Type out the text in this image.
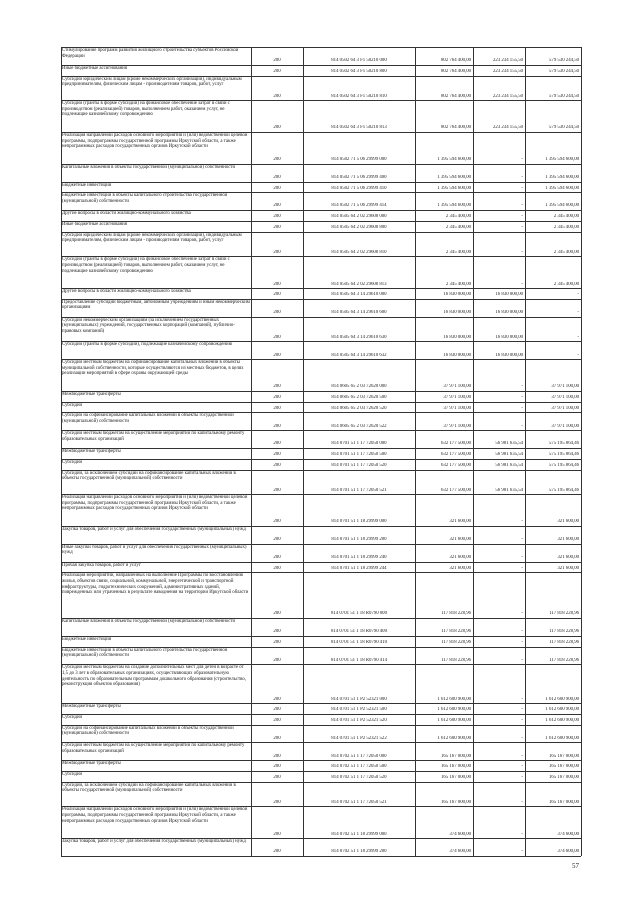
Стимулирование программ развития жилищного строительства субъектов Российской Федерации
200	814 0502 64 3 F1 50210 000	802 764 400,00	223 234 155,50	579 530 244,50
Иные бюджетные ассигнования
200	814 0502 64 3 F1 50210 800	802 764 400,00	223 234 155,50	579 530 244,50
Субсидии юридическим лицам (кроме некоммерческих организаций), индивидуальным предпринимателям, физическим лицам - производителям товаров, работ, услуг
200	814 0502 64 3 F1 50210 810	802 764 400,00	223 234 155,50	579 530 244,50
Субсидии (гранты в форме субсидий) на финансовое обеспечение затрат в связи с производством (реализацией) товаров, выполнением работ, оказанием услуг, не подлежащие казначейскому сопровождению
200	814 0502 64 3 F1 50210 813	802 764 400,00	223 234 155,50	579 530 244,50
Реализация направлений расходов основного мероприятия и (или) ведомственной целевой программы, подпрограммы государственной программы Иркутской области, а также непрограммных расходов государственных органов Иркутской области
200	814 0502 71 5 06 29999 000	1 395 594 600,00	-	1 395 594 600,00
Капитальные вложения в объекты государственной (муниципальной) собственности
200	814 0502 71 5 06 29999 400	1 395 594 600,00	-	1 395 594 600,00
Бюджетные инвестиции
200	814 0502 71 5 06 29999 410	1 395 594 600,00	-	1 395 594 600,00
Бюджетные инвестиции в объекты капитального строительства государственной (муниципальной) собственности
200	814 0502 71 5 06 29999 414	1 395 594 600,00	-	1 395 594 600,00
Другие вопросы в области жилищно-коммунального хозяйства
200	814 0505 64 2 02 29608 000	2 345 400,00	-	2 345 400,00
Иные бюджетные ассигнования
200	814 0505 64 2 02 29608 800	2 345 400,00	-	2 345 400,00
Субсидии юридическим лицам (кроме некоммерческих организаций), индивидуальным предпринимателям, физическим лицам - производителям товаров, работ, услуг
200	814 0505 64 2 02 29608 810	2 345 400,00	-	2 345 400,00
Субсидии (гранты в форме субсидий) на финансовое обеспечение затрат в связи с производством (реализацией) товаров, выполнением работ, оказанием услуг, не подлежащие казначейскому сопровождению
200	814 0505 64 2 02 29608 813	2 345 400,00	-	2 345 400,00
Другие вопросы в области жилищно-коммунального хозяйства
200	814 0505 64 3 14 29610 000	16 830 000,00	16 830 000,00	-
Предоставление субсидий бюджетным, автономным учреждениям и иным некоммерческим организациям
200	814 0505 64 3 14 29610 600	16 830 000,00	16 830 000,00	-
Субсидии некоммерческим организациям (за исключением государственных (муниципальных) учреждений, государственных корпораций (компаний), публично-правовых компаний)
200	814 0505 64 3 14 29610 630	16 830 000,00	16 830 000,00	-
Субсидии (гранты в форме субсидий), подлежащие казначейскому сопровождению
200	814 0505 64 3 14 29610 632	16 830 000,00	16 830 000,00	-
Субсидии местным бюджетам на софинансирование капитальных вложений в объекты муниципальной собственности, которые осуществляются из местных бюджетов, в целях реализации мероприятий в сфере охраны окружающей среды
200	814 0605 65 2 03 72620 000	37 971 100,00	-	37 971 100,00
Межбюджетные трансферты
200	814 0605 65 2 03 72620 500	37 971 100,00	-	37 971 100,00
Субсидии
200	814 0605 65 2 03 72620 520	37 971 100,00	-	37 971 100,00
Субсидии на софинансирование капитальных вложений в объекты государственной (муниципальной) собственности
200	814 0605 65 2 03 72620 522	37 971 100,00	-	37 971 100,00
Субсидии местным бюджетам на осуществление мероприятий по капитальному ремонту образовательных организаций
200	814 0701 51 1 17 72050 000	632 177 500,00	56 981 635,54	575 195 864,46
Межбюджетные трансферты
200	814 0701 51 1 17 72050 500	632 177 500,00	56 981 635,54	575 195 864,46
Субсидии
200	814 0701 51 1 17 72050 520	632 177 500,00	56 981 635,54	575 195 864,46
Субсидии, за исключением субсидий на софинансирование капитальных вложений в объекты государственной (муниципальной) собственности
200	814 0701 51 1 17 72050 521	632 177 500,00	56 981 635,54	575 195 864,46
Реализация направлений расходов основного мероприятия и (или) ведомственной целевой программы, подпрограммы государственной программы Иркутской области, а также непрограммных расходов государственных органов Иркутской области
200	814 0701 51 1 18 29999 000	321 600,00	-	321 600,00
Закупка товаров, работ и услуг для обеспечения государственных (муниципальных) нужд
200	814 0701 51 1 18 29999 200	321 600,00	-	321 600,00
Иные закупки товаров, работ и услуг для обеспечения государственных (муниципальных) нужд
200	814 0701 51 1 18 29999 240	321 600,00	-	321 600,00
Прочая закупка товаров, работ и услуг
200	814 0701 51 1 18 29999 244	321 600,00	-	321 600,00
Реализация мероприятий, направленных на выполнение Программы по восстановлению жилья, объектов связи, социальной, коммунальной, энергетической и транспортной инфраструктуры, гидротехнических сооружений, административных зданий, поврежденных или утраченных в результате наводнения на территории Иркутской области
200	814 0701 51 1 18 R0790 000	117 818 228,96	-	117 818 228,96
Капитальные вложения в объекты государственной (муниципальной) собственности
200	814 0701 51 1 18 R0790 400	117 818 228,96	-	117 818 228,96
Бюджетные инвестиции
200	814 0701 51 1 18 R0790 410	117 818 228,96	-	117 818 228,96
Бюджетные инвестиции в объекты капитального строительства государственной (муниципальной) собственности
200	814 0701 51 1 18 R0790 414	117 818 228,96	-	117 818 228,96
Субсидии местным бюджетам на создание дополнительных мест для детей в возрасте от 1,5 до 3 лет в образовательных организациях, осуществляющих образовательную деятельность по образовательным программам дошкольного образования (строительство, реконструкция объектов образования)
200	814 0701 51 1 P2 52321 000	1 612 600 900,00	-	1 612 600 900,00
Межбюджетные трансферты
200	814 0701 51 1 P2 52321 500	1 612 600 900,00	-	1 612 600 900,00
Субсидии
200	814 0701 51 1 P2 52321 520	1 612 600 900,00	-	1 612 600 900,00
Субсидии на софинансирование капитальных вложений в объекты государственной (муниципальной) собственности
200	814 0701 51 1 P2 52321 522	1 612 600 900,00	-	1 612 600 900,00
Субсидии местным бюджетам на осуществление мероприятий по капитальному ремонту образовательных организаций
200	814 0702 51 1 17 72050 000	165 167 000,00	-	165 167 000,00
Межбюджетные трансферты
200	814 0702 51 1 17 72050 500	165 167 000,00	-	165 167 000,00
Субсидии
200	814 0702 51 1 17 72050 520	165 167 000,00	-	165 167 000,00
Субсидии, за исключением субсидий на софинансирование капитальных вложений в объекты государственной (муниципальной) собственности
200	814 0702 51 1 17 72050 521	165 167 000,00	-	165 167 000,00
Реализация направлений расходов основного мероприятия и (или) ведомственной целевой программы, подпрограммы государственной программы Иркутской области, а также непрограммных расходов государственных органов Иркутской области
200	814 0702 51 1 18 29999 000	374 600,00	-	374 600,00
Закупка товаров, работ и услуг для обеспечения государственных (муниципальных) нужд
200	814 0702 51 1 18 29999 200	374 600,00	-	374 600,00
57
